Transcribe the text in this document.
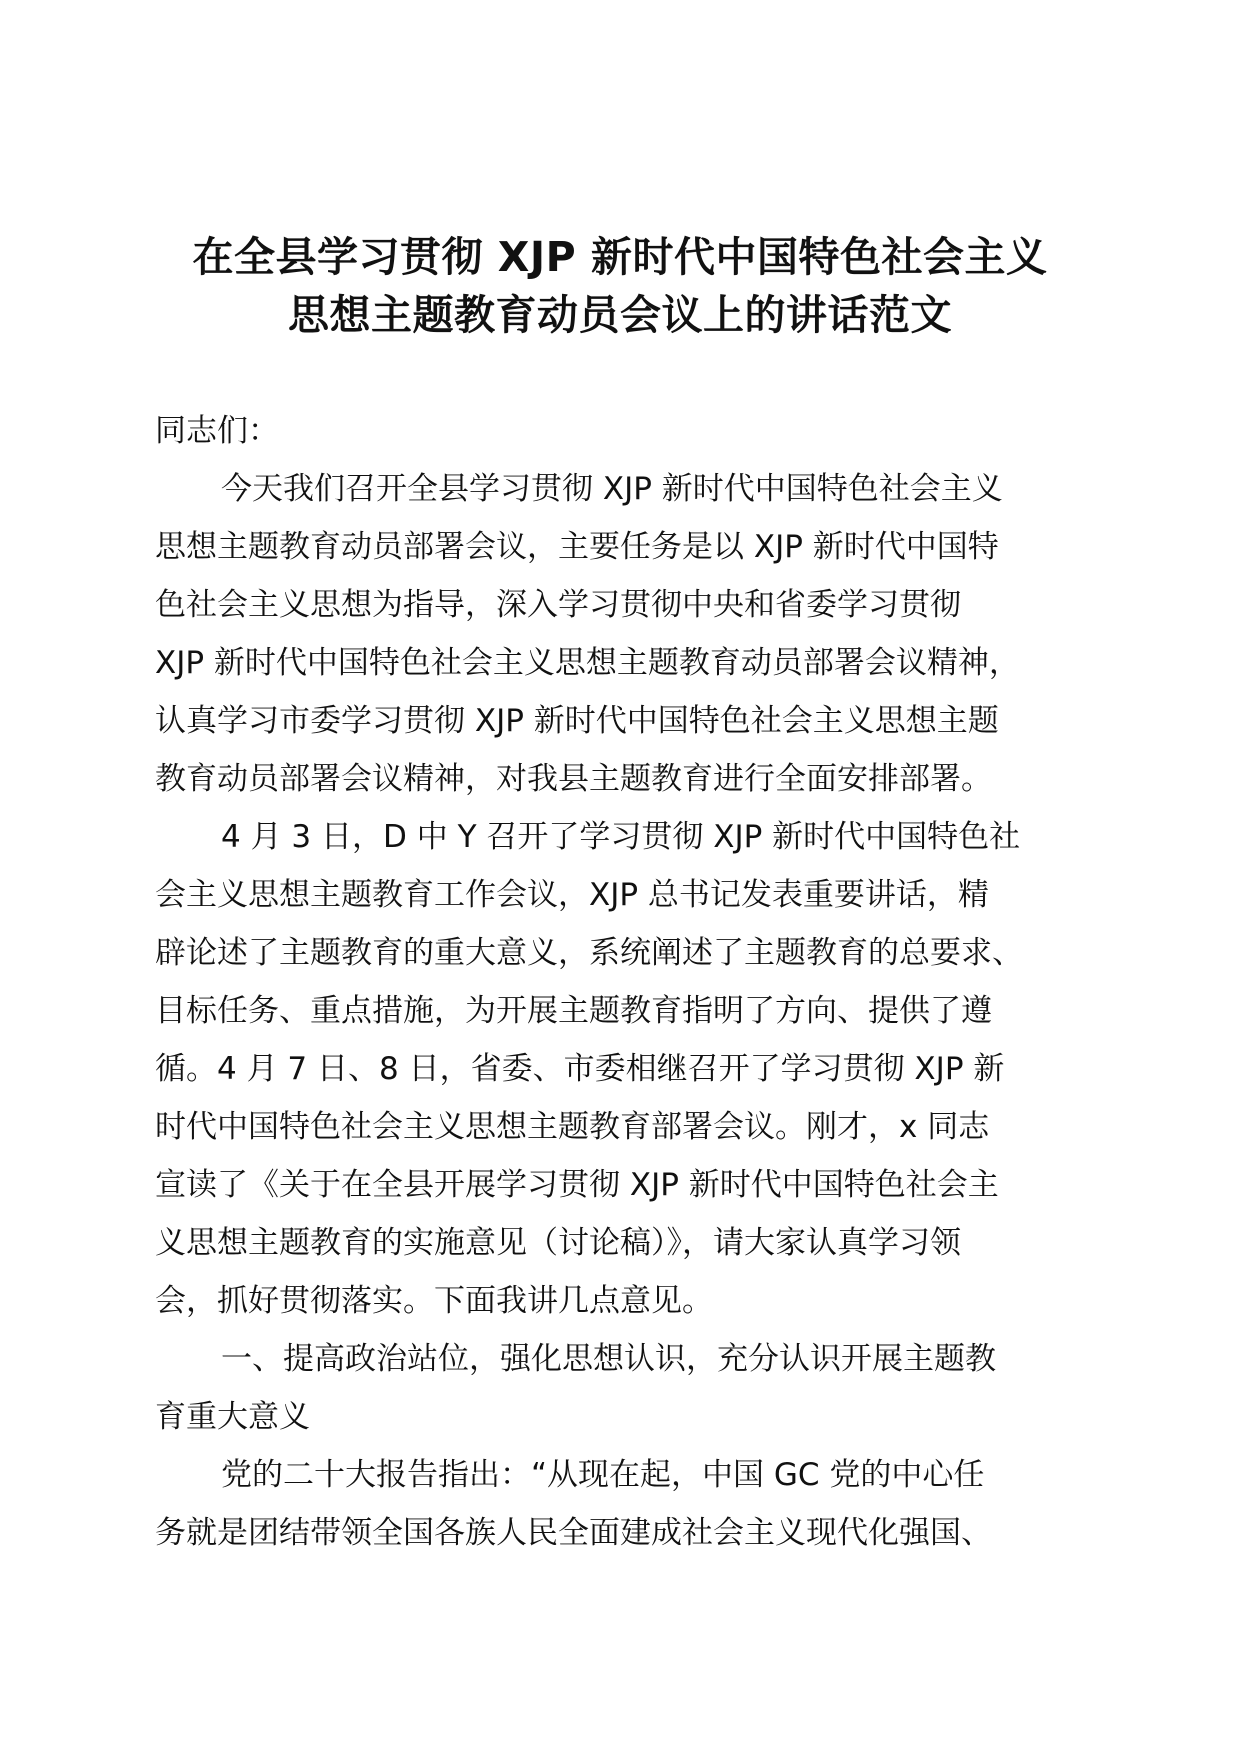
在全县学习贯彻 XJP 新时代中国特色社会主义
思想主题教育动员会议上的讲话范文
同志们：
今天我们召开全县学习贯彻 XJP 新时代中国特色社会主义
思想主题教育动员部署会议，主要任务是以 XJP 新时代中国特
色社会主义思想为指导，深入学习贯彻中央和省委学习贯彻
XJP 新时代中国特色社会主义思想主题教育动员部署会议精神，
认真学习市委学习贯彻 XJP 新时代中国特色社会主义思想主题
教育动员部署会议精神，对我县主题教育进行全面安排部署。
4 月 3 日，D 中 Y 召开了学习贯彻 XJP 新时代中国特色社
会主义思想主题教育工作会议，XJP 总书记发表重要讲话，精
辟论述了主题教育的重大意义，系统阐述了主题教育的总要求、
目标任务、重点措施，为开展主题教育指明了方向、提供了遵
循。4 月 7 日、8 日，省委、市委相继召开了学习贯彻 XJP 新
时代中国特色社会主义思想主题教育部署会议。刚才，x 同志
宣读了《关于在全县开展学习贯彻 XJP 新时代中国特色社会主
义思想主题教育的实施意见（讨论稿）》，请大家认真学习领
会，抓好贯彻落实。下面我讲几点意见。
一、提高政治站位，强化思想认识，充分认识开展主题教
育重大意义
党的二十大报告指出：“从现在起，中国 GC 党的中心任
务就是团结带领全国各族人民全面建成社会主义现代化强国、
